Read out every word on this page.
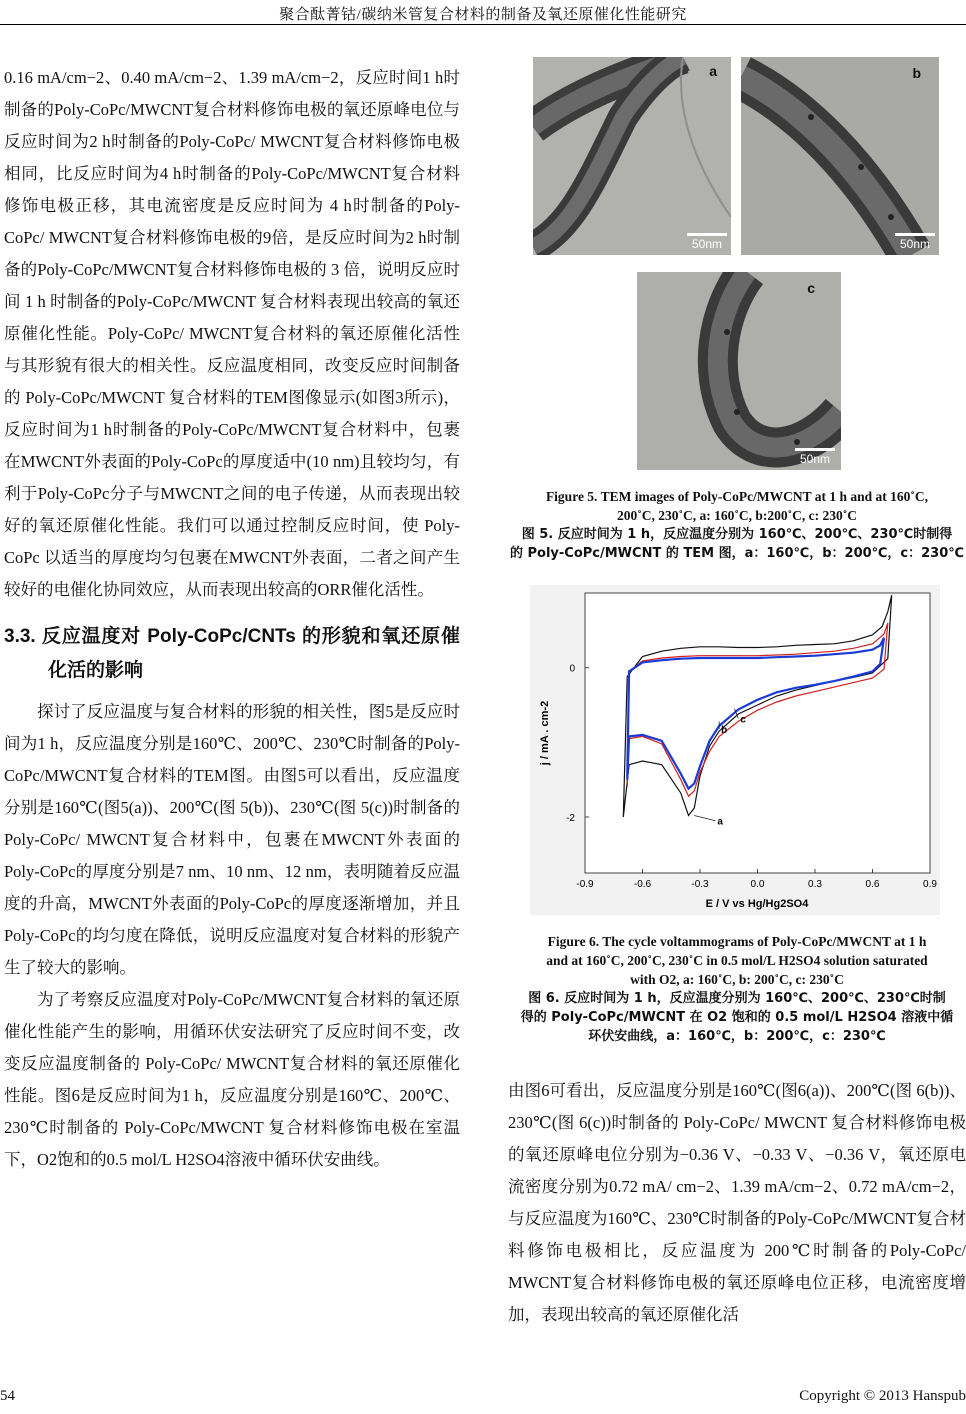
聚合酞菁钴/碳纳米管复合材料的制备及氧还原催化性能研究

0.16 mA/cm−2、0.40 mA/cm−2、1.39 mA/cm−2，反应时间1 h时制备的Poly-CoPc/MWCNT复合材料修饰电极的氧还原峰电位与反应时间为2 h时制备的Poly-CoPc/ MWCNT复合材料修饰电极相同，比反应时间为4 h时制备的Poly-CoPc/MWCNT复合材料修饰电极正移，其电流密度是反应时间为 4 h时制备的Poly-CoPc/ MWCNT复合材料修饰电极的9倍，是反应时间为2 h时制备的Poly-CoPc/MWCNT复合材料修饰电极的 3 倍，说明反应时间 1 h 时制备的Poly-CoPc/MWCNT 复合材料表现出较高的氧还原催化性能。Poly-CoPc/ MWCNT复合材料的氧还原催化活性与其形貌有很大的相关性。反应温度相同，改变反应时间制备的 Poly-CoPc/MWCNT 复合材料的TEM图像显示(如图3所示)，反应时间为1 h时制备的Poly-CoPc/MWCNT复合材料中，包裹在MWCNT外表面的Poly-CoPc的厚度适中(10 nm)且较均匀，有利于Poly-CoPc分子与MWCNT之间的电子传递，从而表现出较好的氧还原催化性能。我们可以通过控制反应时间，使 Poly-CoPc 以适当的厚度均匀包裹在MWCNT外表面，二者之间产生较好的电催化协同效应，从而表现出较高的ORR催化活性。

3.3. 反应温度对 Poly-CoPc/CNTs 的形貌和氧还原催化活的影响

探讨了反应温度与复合材料的形貌的相关性，图5是反应时间为1 h，反应温度分别是160℃、200℃、230℃时制备的Poly-CoPc/MWCNT复合材料的TEM图。由图5可以看出，反应温度分别是160℃(图5(a))、200℃(图 5(b))、230℃(图 5(c))时制备的 Poly-CoPc/ MWCNT复合材料中，包裹在MWCNT外表面的Poly-CoPc的厚度分别是7 nm、10 nm、12 nm，表明随着反应温度的升高，MWCNT外表面的Poly-CoPc的厚度逐渐增加，并且Poly-CoPc的均匀度在降低，说明反应温度对复合材料的形貌产生了较大的影响。

为了考察反应温度对Poly-CoPc/MWCNT复合材料的氧还原催化性能产生的影响，用循环伏安法研究了反应时间不变，改变反应温度制备的 Poly-CoPc/ MWCNT复合材料的氧还原催化性能。图6是反应时间为1 h，反应温度分别是160℃、200℃、230℃时制备的 Poly-CoPc/MWCNT 复合材料修饰电极在室温下，O2饱和的0.5 mol/L H2SO4溶液中循环伏安曲线。

a
50nm
b
50nm
c
50nm
Figure 5. TEM images of Poly-CoPc/MWCNT at 1 h and at 160˚C,
200˚C, 230˚C, a: 160˚C, b:200˚C, c: 230˚C
图 5. 反应时间为 1 h，反应温度分别为 160℃、200℃、230℃时制得
的 Poly-CoPc/MWCNT 的 TEM 图，a：160℃，b：200℃，c：230℃
-0.9	-0.6	-0.3	0.0	0.3	0.6	0.9
-2
0
a
b
c
E / V vs Hg/Hg2SO4
j / mA . cm-2
Figure 6. The cycle voltammograms of Poly-CoPc/MWCNT at 1 h
and at 160˚C, 200˚C, 230˚C in 0.5 mol/L H2SO4 solution saturated
with O2, a: 160˚C, b: 200˚C, c: 230˚C
图 6. 反应时间为 1 h，反应温度分别为 160℃、200℃、230℃时制
得的 Poly-CoPc/MWCNT 在 O2 饱和的 0.5 mol/L H2SO4 溶液中循
环伏安曲线，a：160℃，b：200℃，c：230℃

由图6可看出，反应温度分别是160℃(图6(a))、200℃(图 6(b))、230℃(图 6(c))时制备的 Poly-CoPc/ MWCNT 复合材料修饰电极的氧还原峰电位分别为−0.36 V、−0.33 V、−0.36 V，氧还原电流密度分别为0.72 mA/ cm−2、1.39 mA/cm−2、0.72 mA/cm−2，与反应温度为160℃、230℃时制备的Poly-CoPc/MWCNT复合材料修饰电极相比，反应温度为 200℃时制备的Poly-CoPc/ MWCNT复合材料修饰电极的氧还原峰电位正移，电流密度增加，表现出较高的氧还原催化活

54	Copyright © 2013 Hanspub
